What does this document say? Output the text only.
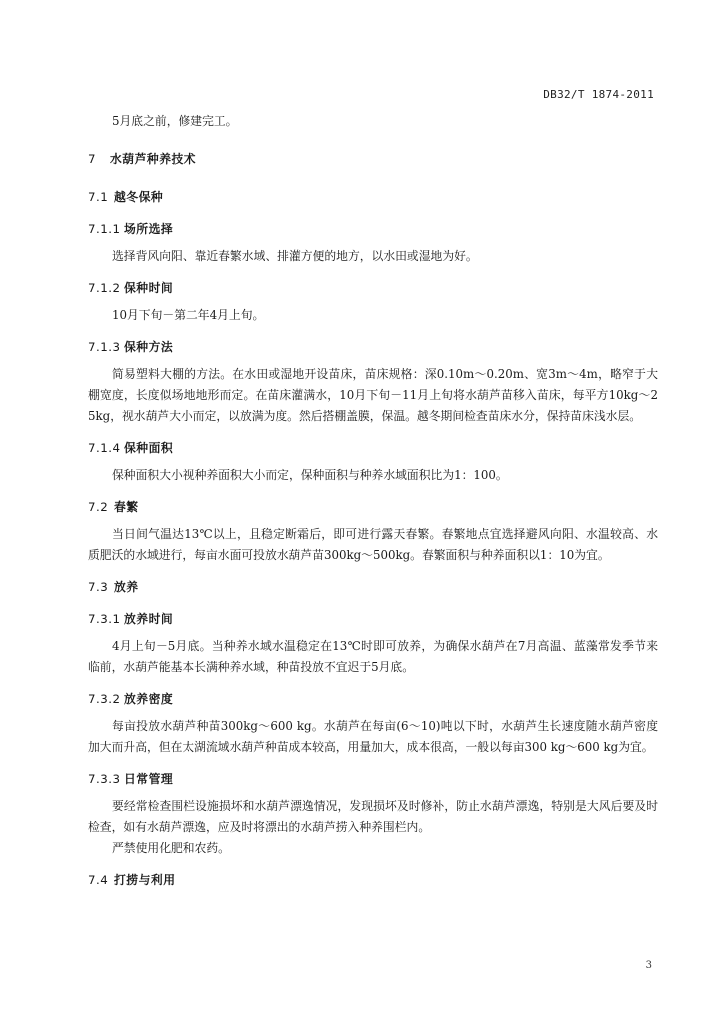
DB32/T 1874-2011

5月底之前，修建完工。

7	水葫芦种养技术
7.1 越冬保种
7.1.1 场所选择

选择背风向阳、靠近春繁水域、排灌方便的地方，以水田或湿地为好。

7.1.2 保种时间

10月下旬－第二年4月上旬。

7.1.3 保种方法

简易塑料大棚的方法。在水田或湿地开设苗床，苗床规格：深0.10m～0.20m、宽3m～4m，略窄于大棚宽度，长度似场地地形而定。在苗床灌满水，10月下旬－11月上旬将水葫芦苗移入苗床，每平方10kg～25kg，视水葫芦大小而定，以放满为度。然后搭棚盖膜，保温。越冬期间检查苗床水分，保持苗床浅水层。

7.1.4 保种面积

保种面积大小视种养面积大小而定，保种面积与种养水域面积比为1：100。

7.2 春繁

当日间气温达13℃以上，且稳定断霜后，即可进行露天春繁。春繁地点宜选择避风向阳、水温较高、水质肥沃的水域进行，每亩水面可投放水葫芦苗300kg～500kg。春繁面积与种养面积以1：10为宜。

7.3 放养
7.3.1 放养时间

4月上旬－5月底。当种养水域水温稳定在13℃时即可放养，为确保水葫芦在7月高温、蓝藻常发季节来临前，水葫芦能基本长满种养水域，种苗投放不宜迟于5月底。

7.3.2 放养密度

每亩投放水葫芦种苗300kg～600 kg。水葫芦在每亩(6～10)吨以下时，水葫芦生长速度随水葫芦密度加大而升高，但在太湖流域水葫芦种苗成本较高，用量加大，成本很高，一般以每亩300 kg～600 kg为宜。

7.3.3 日常管理

要经常检查围栏设施损坏和水葫芦漂逸情况，发现损坏及时修补，防止水葫芦漂逸，特别是大风后要及时检查，如有水葫芦漂逸，应及时将漂出的水葫芦捞入种养围栏内。

严禁使用化肥和农药。

7.4 打捞与利用
3
